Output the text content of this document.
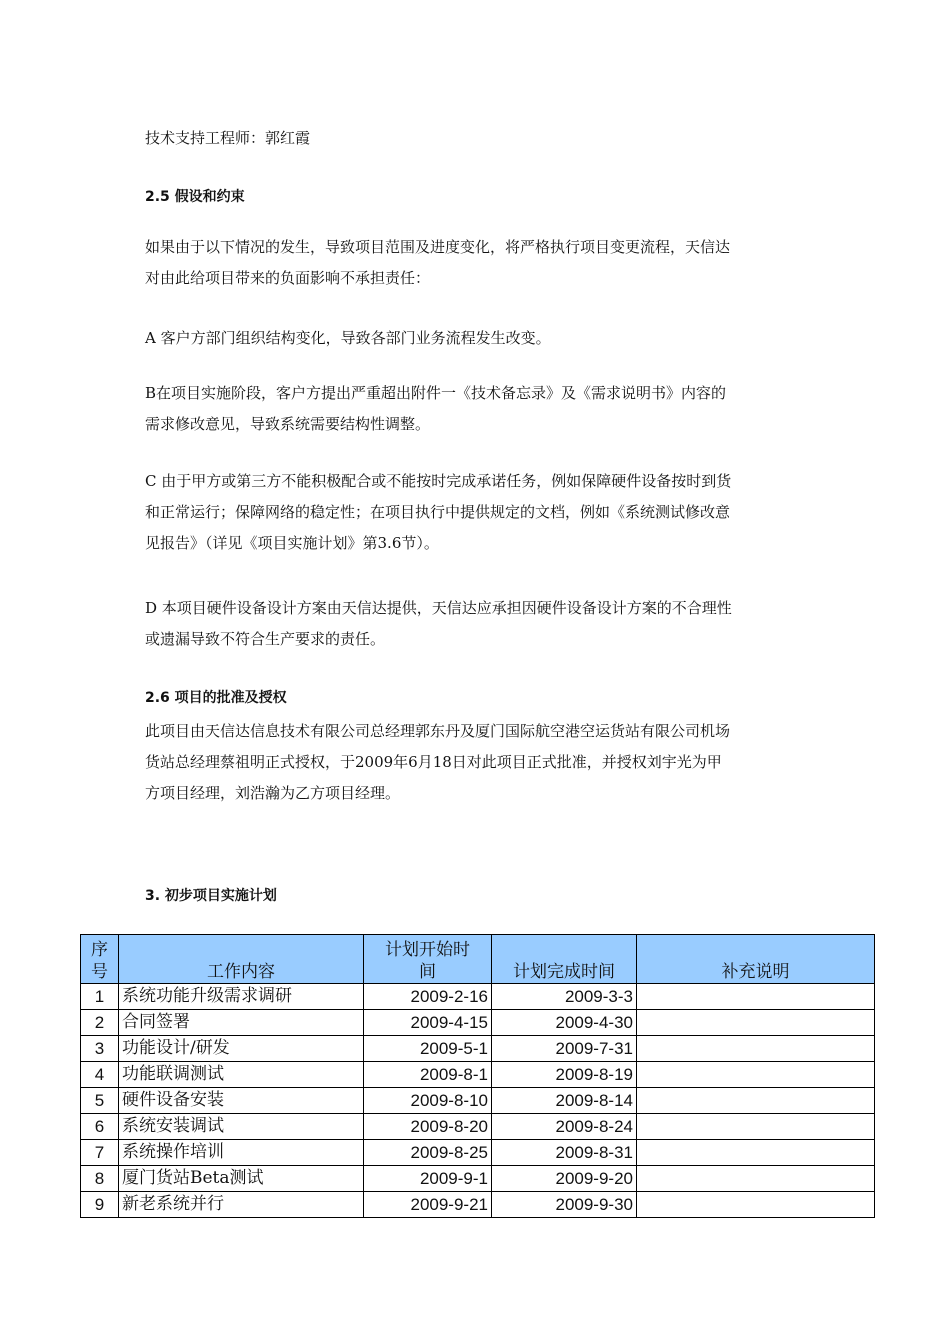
技术支持工程师：郭红霞

2.5 假设和约束

如果由于以下情况的发生，导致项目范围及进度变化，将严格执行项目变更流程，天信达
对由此给项目带来的负面影响不承担责任：

A 客户方部门组织结构变化，导致各部门业务流程发生改变。

B在项目实施阶段，客户方提出严重超出附件一《技术备忘录》及《需求说明书》内容的
需求修改意见，导致系统需要结构性调整。

C 由于甲方或第三方不能积极配合或不能按时完成承诺任务，例如保障硬件设备按时到货
和正常运行；保障网络的稳定性；在项目执行中提供规定的文档，例如《系统测试修改意
见报告》（详见《项目实施计划》第3.6节）。

D 本项目硬件设备设计方案由天信达提供，天信达应承担因硬件设备设计方案的不合理性
或遗漏导致不符合生产要求的责任。

2.6 项目的批准及授权

此项目由天信达信息技术有限公司总经理郭东丹及厦门国际航空港空运货站有限公司机场
货站总经理蔡祖明正式授权，于2009年6月18日对此项目正式批准，并授权刘宇光为甲
方项目经理，刘浩瀚为乙方项目经理。

3. 初步项目实施计划

序
号	工作内容	计划开始时
间	计划完成时间	补充说明
1	系统功能升级需求调研	2009-2-16	2009-3-3	
2	合同签署	2009-4-15	2009-4-30	
3	功能设计/研发	2009-5-1	2009-7-31	
4	功能联调测试	2009-8-1	2009-8-19	
5	硬件设备安装	2009-8-10	2009-8-14	
6	系统安装调试	2009-8-20	2009-8-24	
7	系统操作培训	2009-8-25	2009-8-31	
8	厦门货站Beta测试	2009-9-1	2009-9-20	
9	新老系统并行	2009-9-21	2009-9-30	
